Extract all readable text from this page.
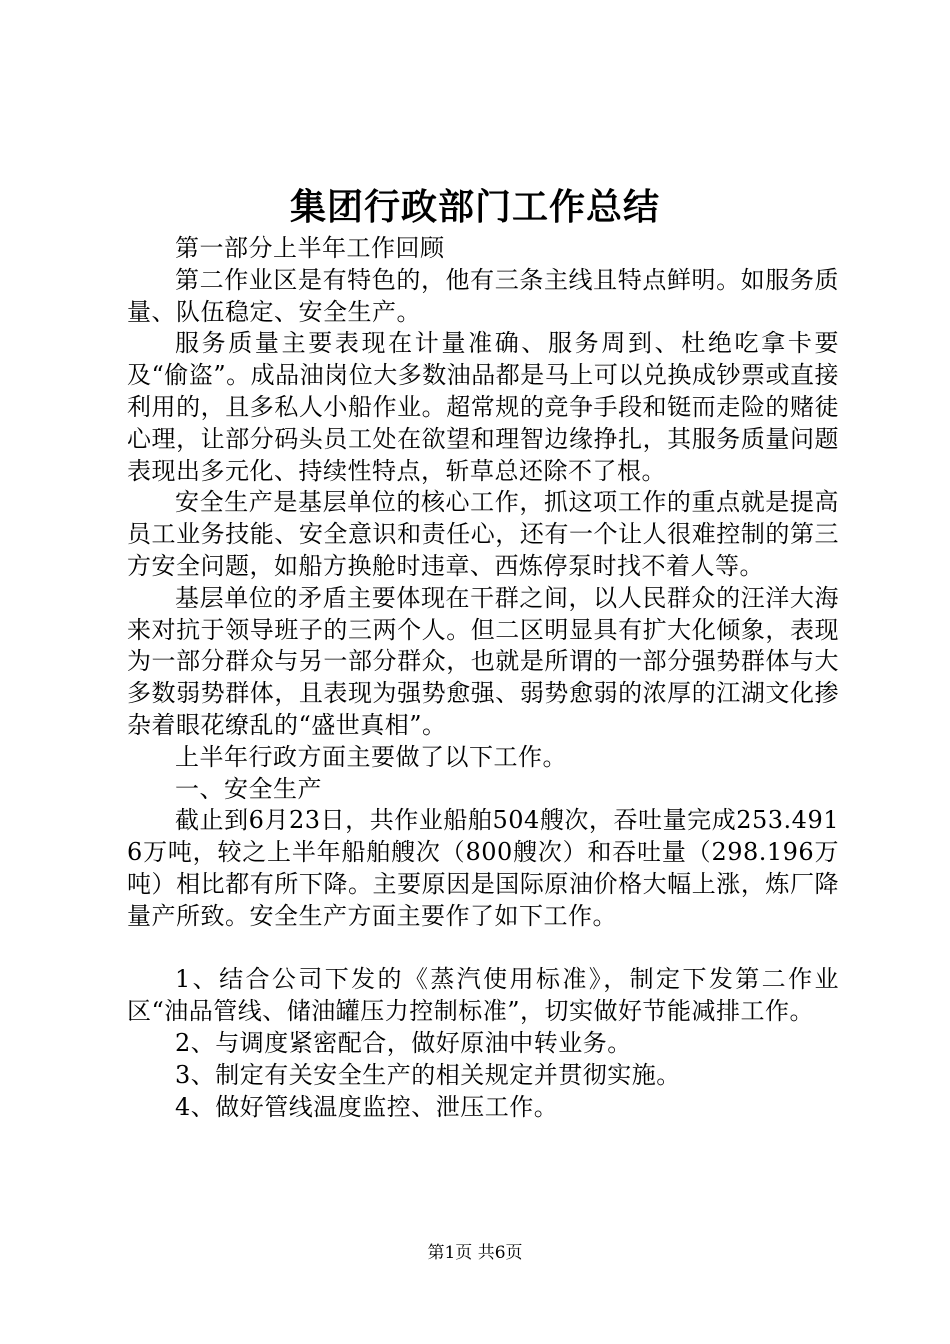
集团行政部门工作总结

第一部分上半年工作回顾

第二作业区是有特色的，他有三条主线且特点鲜明。如服务质量、队伍稳定、安全生产。

服务质量主要表现在计量准确、服务周到、杜绝吃拿卡要及“偷盗”。成品油岗位大多数油品都是马上可以兑换成钞票或直接利用的，且多私人小船作业。超常规的竞争手段和铤而走险的赌徒心理，让部分码头员工处在欲望和理智边缘挣扎，其服务质量问题表现出多元化、持续性特点，斩草总还除不了根。

安全生产是基层单位的核心工作，抓这项工作的重点就是提高员工业务技能、安全意识和责任心，还有一个让人很难控制的第三方安全问题，如船方换舱时违章、西炼停泵时找不着人等。

基层单位的矛盾主要体现在干群之间，以人民群众的汪洋大海来对抗于领导班子的三两个人。但二区明显具有扩大化倾象，表现为一部分群众与另一部分群众，也就是所谓的一部分强势群体与大多数弱势群体，且表现为强势愈强、弱势愈弱的浓厚的江湖文化掺杂着眼花缭乱的“盛世真相”。

上半年行政方面主要做了以下工作。

一、安全生产

截止到6月23日，共作业船舶504艘次，吞吐量完成253.4916万吨，较之上半年船舶艘次（800艘次）和吞吐量（298.196万吨）相比都有所下降。主要原因是国际原油价格大幅上涨，炼厂降量产所致。安全生产方面主要作了如下工作。

1、结合公司下发的《蒸汽使用标准》，制定下发第二作业区“油品管线、储油罐压力控制标准”，切实做好节能减排工作。

2、与调度紧密配合，做好原油中转业务。

3、制定有关安全生产的相关规定并贯彻实施。

4、做好管线温度监控、泄压工作。

第1页 共6页
